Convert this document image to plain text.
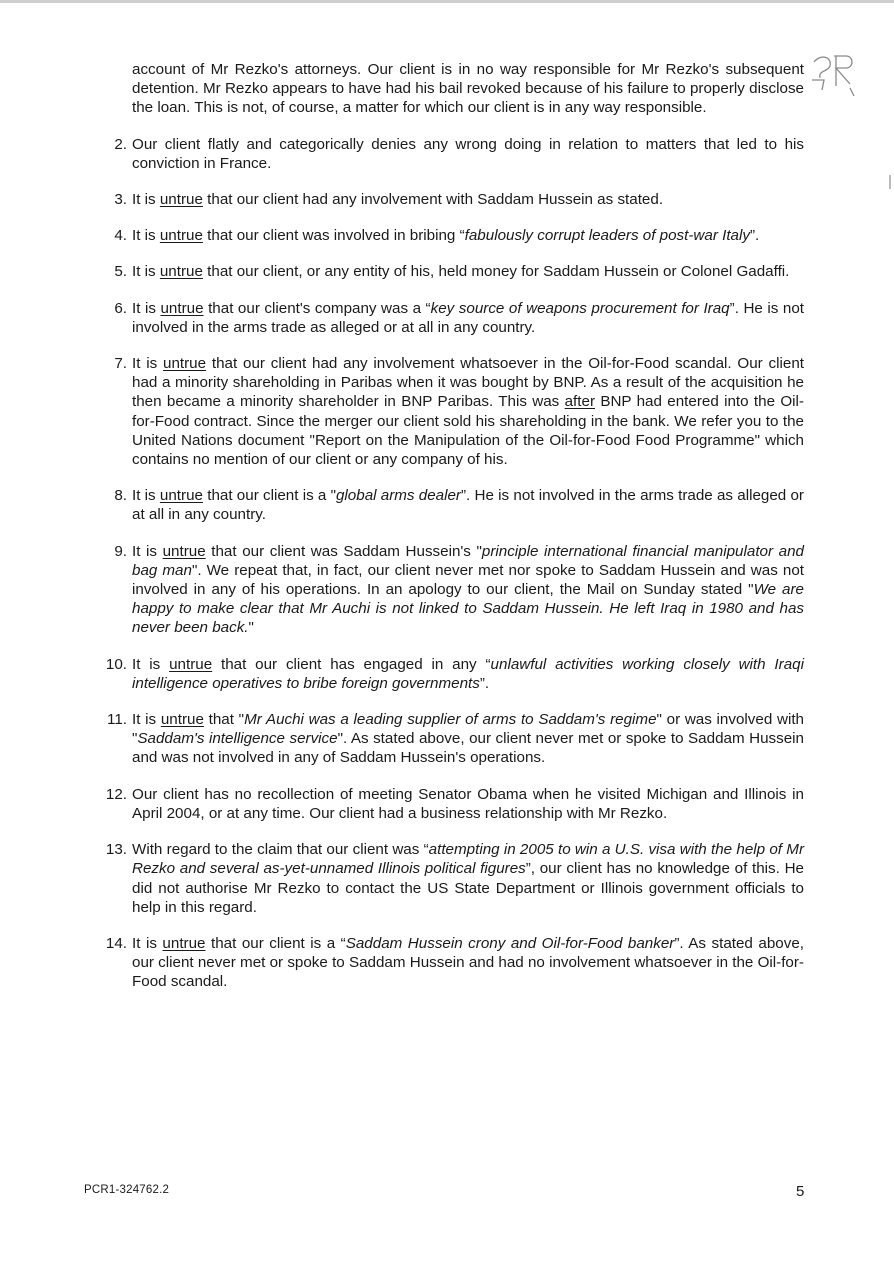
account of Mr Rezko's attorneys. Our client is in no way responsible for Mr Rezko's subsequent detention. Mr Rezko appears to have had his bail revoked because of his failure to properly disclose the loan. This is not, of course, a matter for which our client is in any way responsible.

2. Our client flatly and categorically denies any wrong doing in relation to matters that led to his conviction in France.
3. It is untrue that our client had any involvement with Saddam Hussein as stated.
4. It is untrue that our client was involved in bribing “fabulously corrupt leaders of post-war Italy”.
5. It is untrue that our client, or any entity of his, held money for Saddam Hussein or Colonel Gadaffi.
6. It is untrue that our client's company was a “key source of weapons procurement for Iraq”. He is not involved in the arms trade as alleged or at all in any country.
7. It is untrue that our client had any involvement whatsoever in the Oil-for-Food scandal. Our client had a minority shareholding in Paribas when it was bought by BNP. As a result of the acquisition he then became a minority shareholder in BNP Paribas. This was after BNP had entered into the Oil-for-Food contract. Since the merger our client sold his shareholding in the bank. We refer you to the United Nations document "Report on the Manipulation of the Oil-for-Food Food Programme" which contains no mention of our client or any company of his.
8. It is untrue that our client is a "global arms dealer”. He is not involved in the arms trade as alleged or at all in any country.
9. It is untrue that our client was Saddam Hussein's "principle international financial manipulator and bag man". We repeat that, in fact, our client never met nor spoke to Saddam Hussein and was not involved in any of his operations. In an apology to our client, the Mail on Sunday stated "We are happy to make clear that Mr Auchi is not linked to Saddam Hussein. He left Iraq in 1980 and has never been back."
10. It is untrue that our client has engaged in any “unlawful activities working closely with Iraqi intelligence operatives to bribe foreign governments”.
11. It is untrue that "Mr Auchi was a leading supplier of arms to Saddam's regime" or was involved with "Saddam's intelligence service". As stated above, our client never met or spoke to Saddam Hussein and was not involved in any of Saddam Hussein's operations.
12. Our client has no recollection of meeting Senator Obama when he visited Michigan and Illinois in April 2004, or at any time. Our client had a business relationship with Mr Rezko.
13. With regard to the claim that our client was “attempting in 2005 to win a U.S. visa with the help of Mr Rezko and several as-yet-unnamed Illinois political figures”, our client has no knowledge of this. He did not authorise Mr Rezko to contact the US State Department or Illinois government officials to help in this regard.
14. It is untrue that our client is a “Saddam Hussein crony and Oil-for-Food banker”. As stated above, our client never met or spoke to Saddam Hussein and had no involvement whatsoever in the Oil-for-Food scandal.
PCR1-324762.2	5
